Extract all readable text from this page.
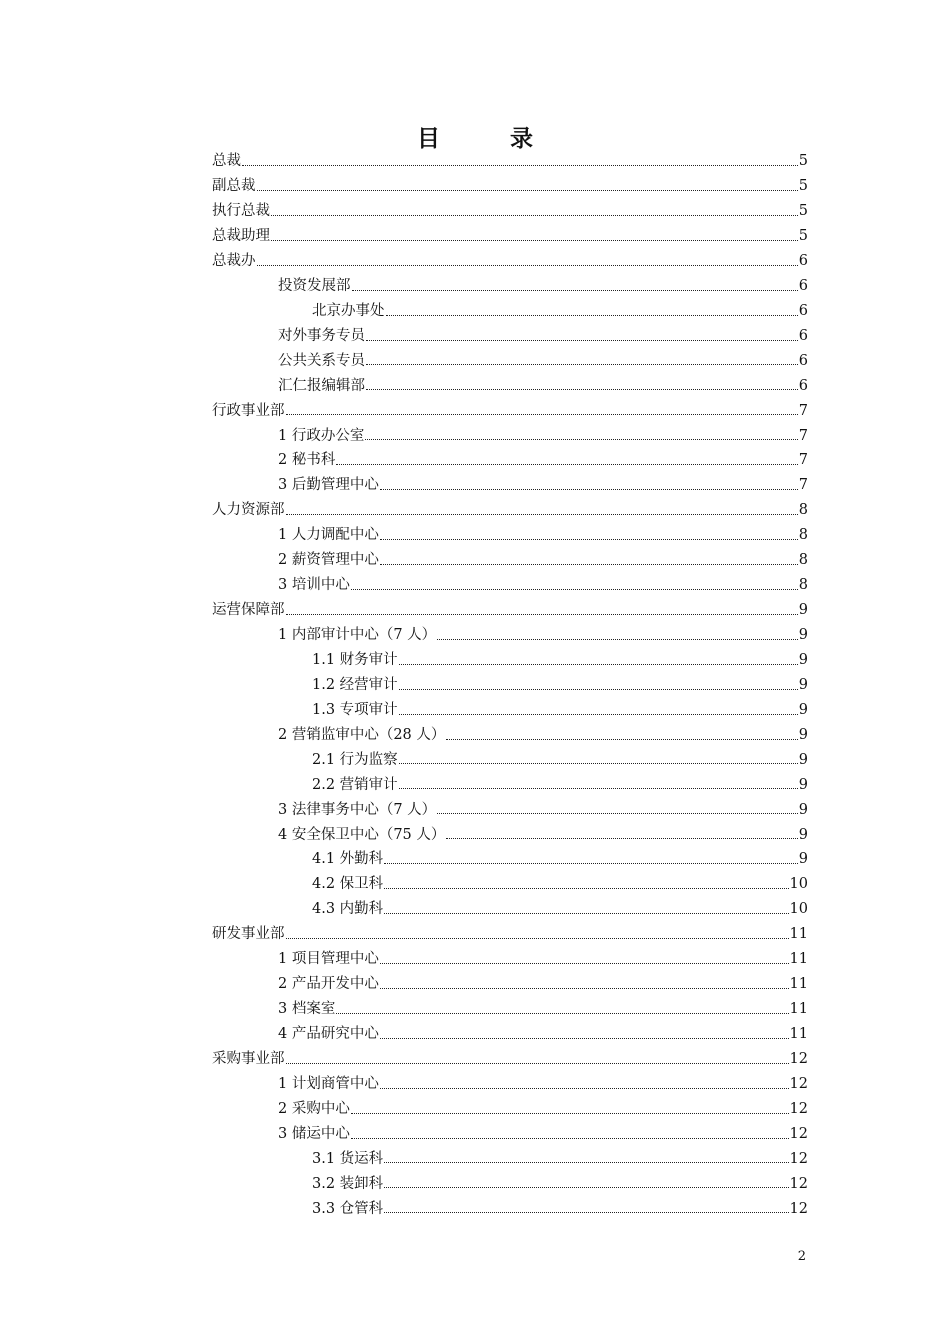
目录
总裁	5
副总裁	5
执行总裁	5
总裁助理	5
总裁办	6
投资发展部	6
北京办事处	6
对外事务专员	6
公共关系专员	6
汇仁报编辑部	6
行政事业部	7
1 行政办公室	7
2 秘书科	7
3 后勤管理中心	7
人力资源部	8
1 人力调配中心	8
2 薪资管理中心	8
3 培训中心	8
运营保障部	9
1 内部审计中心（7 人）	9
1.1 财务审计	9
1.2 经营审计	9
1.3 专项审计	9
2 营销监审中心（28 人）	9
2.1 行为监察	9
2.2 营销审计	9
3 法律事务中心（7 人）	9
4 安全保卫中心（75 人）	9
4.1 外勤科	9
4.2 保卫科	10
4.3 内勤科	10
研发事业部	11
1 项目管理中心	11
2 产品开发中心	11
3 档案室	11
4 产品研究中心	11
采购事业部	12
1 计划商管中心	12
2 采购中心	12
3 储运中心	12
3.1 货运科	12
3.2 装卸科	12
3.3 仓管科	12
2
